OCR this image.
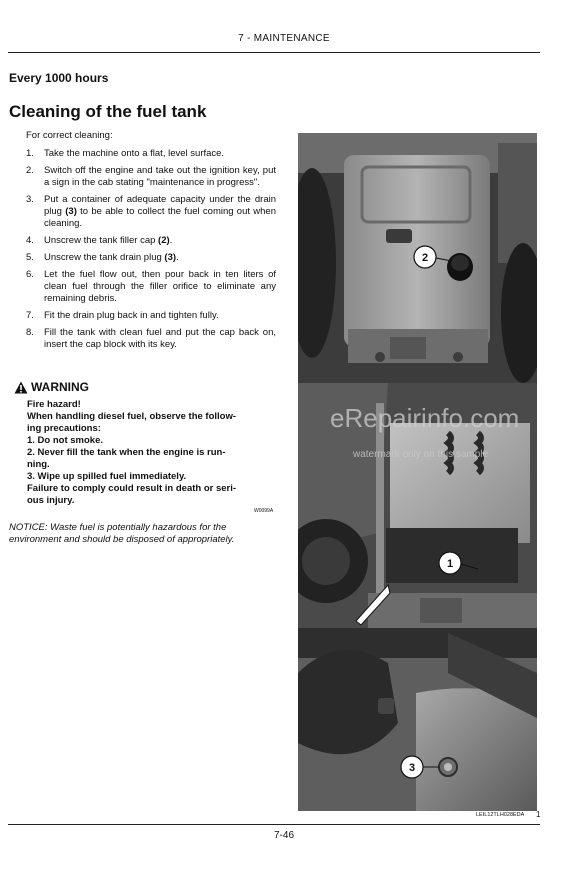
7 - MAINTENANCE
Every 1000 hours
Cleaning of the fuel tank
For correct cleaning:
1. Take the machine onto a flat, level surface.
2. Switch off the engine and take out the ignition key, put a sign in the cab stating "maintenance in progress".
3. Put a container of adequate capacity under the drain plug (3) to be able to collect the fuel coming out when cleaning.
4. Unscrew the tank filler cap (2).
5. Unscrew the tank drain plug (3).
6. Let the fuel flow out, then pour back in ten liters of clean fuel through the filler orifice to eliminate any remaining debris.
7. Fit the drain plug back in and tighten fully.
8. Fill the tank with clean fuel and put the cap back on, insert the cap block with its key.
WARNING
Fire hazard!
When handling diesel fuel, observe the follow-
ing precautions:
1. Do not smoke.
2. Never fill the tank when the engine is run-
ning.
3. Wipe up spilled fuel immediately.
Failure to comply could result in death or seri-
ous injury.
W0099A
NOTICE: Waste fuel is potentially hazardous for the environment and should be disposed of appropriately.
2
1
3
eRepairinfo.com
watermark only on this sample
LEIL12TLH028EDA 1
7-46
